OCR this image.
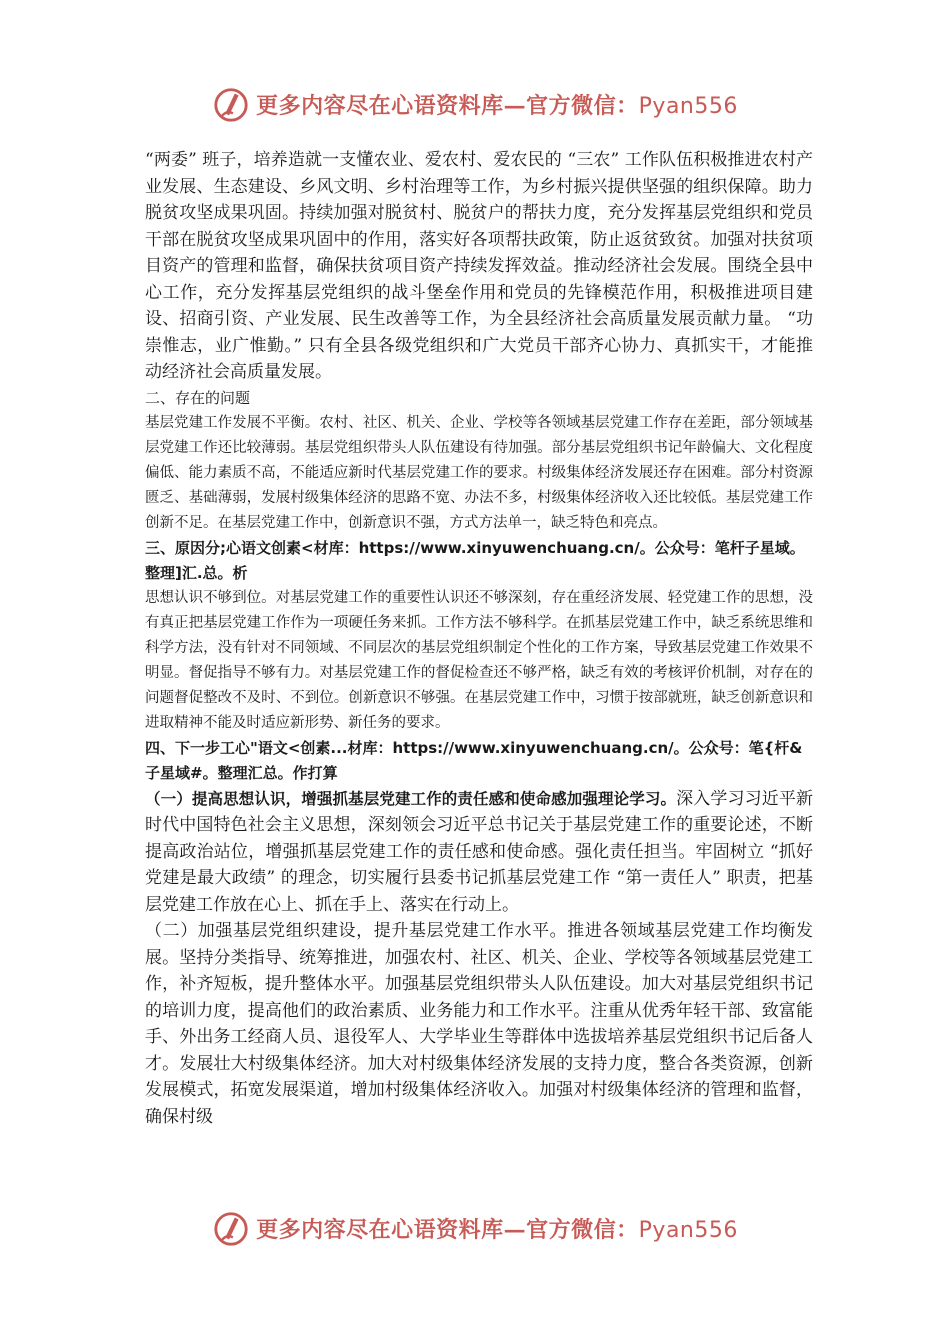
更多内容尽在心语资料库—官方微信：Pyan556

“两委” 班子，培养造就一支懂农业、爱农村、爱农民的 “三农” 工作队伍积极推进农村产业发展、生态建设、乡风文明、乡村治理等工作，为乡村振兴提供坚强的组织保障。助力脱贫攻坚成果巩固。持续加强对脱贫村、脱贫户的帮扶力度，充分发挥基层党组织和党员干部在脱贫攻坚成果巩固中的作用，落实好各项帮扶政策，防止返贫致贫。加强对扶贫项目资产的管理和监督，确保扶贫项目资产持续发挥效益。推动经济社会发展。围绕全县中心工作，充分发挥基层党组织的战斗堡垒作用和党员的先锋模范作用，积极推进项目建设、招商引资、产业发展、民生改善等工作，为全县经济社会高质量发展贡献力量。 “功崇惟志，业广惟勤。” 只有全县各级党组织和广大党员干部齐心协力、真抓实干，才能推动经济社会高质量发展。

二、存在的问题

基层党建工作发展不平衡。农村、社区、机关、企业、学校等各领域基层党建工作存在差距，部分领域基层党建工作还比较薄弱。基层党组织带头人队伍建设有待加强。部分基层党组织书记年龄偏大、文化程度偏低、能力素质不高，不能适应新时代基层党建工作的要求。村级集体经济发展还存在困难。部分村资源匮乏、基础薄弱，发展村级集体经济的思路不宽、办法不多，村级集体经济收入还比较低。基层党建工作创新不足。在基层党建工作中，创新意识不强，方式方法单一，缺乏特色和亮点。

三、原因分;心语文创素<材库：https://www.xinyuwenchuang.cn/。公众号：笔杆子星域。整理]汇.总。析

思想认识不够到位。对基层党建工作的重要性认识还不够深刻，存在重经济发展、轻党建工作的思想，没有真正把基层党建工作作为一项硬任务来抓。工作方法不够科学。在抓基层党建工作中，缺乏系统思维和科学方法，没有针对不同领域、不同层次的基层党组织制定个性化的工作方案，导致基层党建工作效果不明显。督促指导不够有力。对基层党建工作的督促检查还不够严格，缺乏有效的考核评价机制，对存在的问题督促整改不及时、不到位。创新意识不够强。在基层党建工作中，习惯于按部就班，缺乏创新意识和进取精神不能及时适应新形势、新任务的要求。

四、下一步工心"语文<创素...材库：https://www.xinyuwenchuang.cn/。公众号：笔{杆&子星域#。整理汇总。作打算

（一）提高思想认识，增强抓基层党建工作的责任感和使命感加强理论学习。深入学习习近平新时代中国特色社会主义思想，深刻领会习近平总书记关于基层党建工作的重要论述，不断提高政治站位，增强抓基层党建工作的责任感和使命感。强化责任担当。牢固树立 “抓好党建是最大政绩” 的理念，切实履行县委书记抓基层党建工作 “第一责任人” 职责，把基层党建工作放在心上、抓在手上、落实在行动上。

（二）加强基层党组织建设，提升基层党建工作水平。推进各领域基层党建工作均衡发展。坚持分类指导、统筹推进，加强农村、社区、机关、企业、学校等各领域基层党建工作，补齐短板，提升整体水平。加强基层党组织带头人队伍建设。加大对基层党组织书记的培训力度，提高他们的政治素质、业务能力和工作水平。注重从优秀年轻干部、致富能手、外出务工经商人员、退役军人、大学毕业生等群体中选拔培养基层党组织书记后备人才。发展壮大村级集体经济。加大对村级集体经济发展的支持力度，整合各类资源，创新发展模式，拓宽发展渠道，增加村级集体经济收入。加强对村级集体经济的管理和监督，确保村级

更多内容尽在心语资料库—官方微信：Pyan556
